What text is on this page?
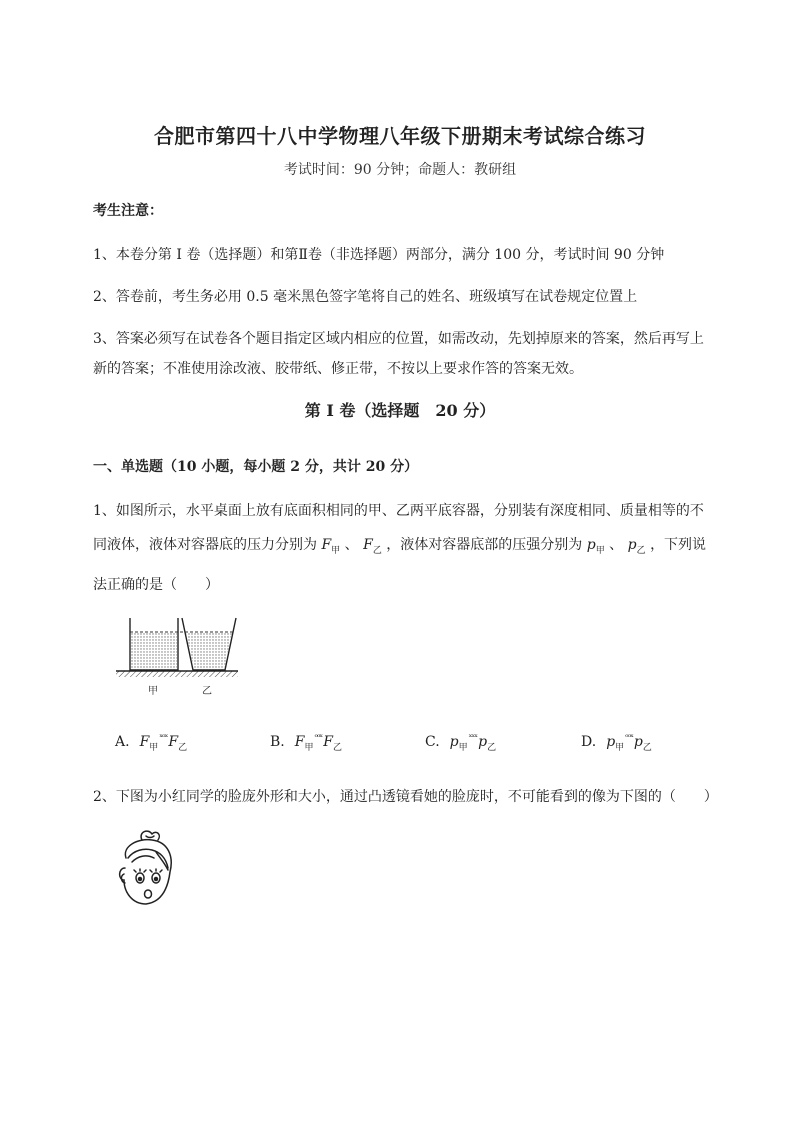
合肥市第四十八中学物理八年级下册期末考试综合练习
考试时间：90 分钟；命题人：教研组
考生注意：
1、本卷分第 I 卷（选择题）和第Ⅱ卷（非选择题）两部分，满分 100 分，考试时间 90 分钟
2、答卷前，考生务必用 0.5 毫米黑色签字笔将自己的姓名、班级填写在试卷规定位置上
3、答案必须写在试卷各个题目指定区域内相应的位置，如需改动，先划掉原来的答案，然后再写上新的答案；不准使用涂改液、胶带纸、修正带，不按以上要求作答的答案无效。
第 I 卷（选择题　20 分）
一、单选题（10 小题，每小题 2 分，共计 20 分）
1、如图所示，水平桌面上放有底面积相同的甲、乙两平底容器，分别装有深度相同、质量相等的不同液体，液体对容器底的压力分别为 $F_甲$ 、 $F_乙$ ，液体对容器底部的压强分别为 $p_甲$ 、 $p_乙$ ，下列说法正确的是（　　）
甲	乙
A. $F_甲^{ˣᵒˣ}F_乙$	B. $F_甲^{ᵒᵒˣ}F_乙$	C. $p_甲^{ˣˣˣ}p_乙$	D. $p_甲^{ᵒᵒˣ}p_乙$
2、下图为小红同学的脸庞外形和大小，通过凸透镜看她的脸庞时，不可能看到的像为下图的（　　）
